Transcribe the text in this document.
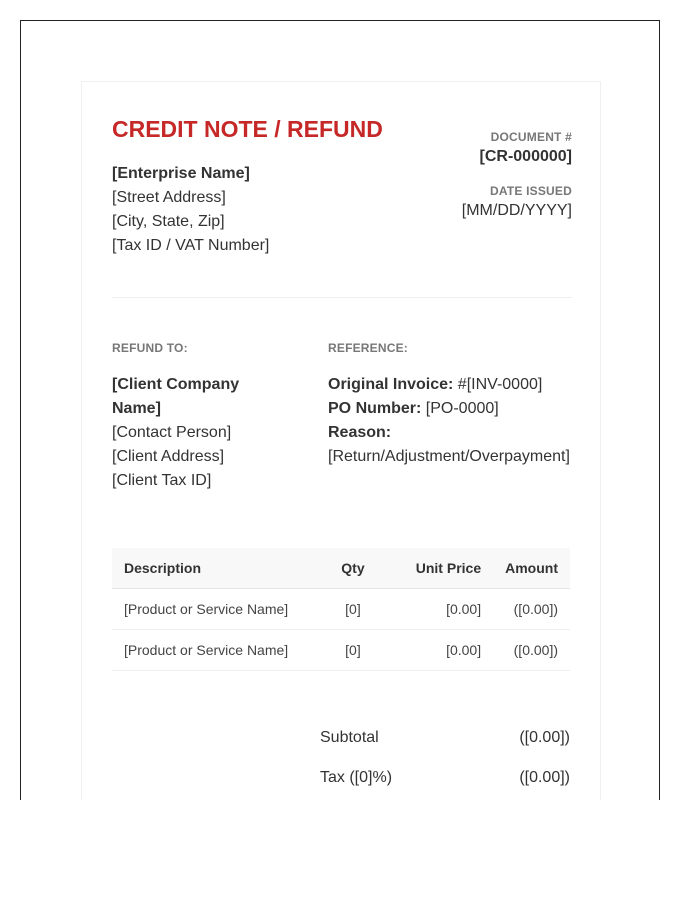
CREDIT NOTE / REFUND
[Enterprise Name]
[Street Address]
[City, State, Zip]
[Tax ID / VAT Number]
DOCUMENT #
[CR-000000]
DATE ISSUED
[MM/DD/YYYY]
REFUND TO:
[Client Company Name]
[Contact Person]
[Client Address]
[Client Tax ID]
REFERENCE:
Original Invoice: #[INV-0000]
PO Number: [PO-0000]
Reason:
[Return/Adjustment/Overpayment]
Description	Qty	Unit Price	Amount
[Product or Service Name]	[0]	[0.00]	([0.00])
[Product or Service Name]	[0]	[0.00]	([0.00])
Subtotal	([0.00])
Tax ([0]%)	([0.00])
